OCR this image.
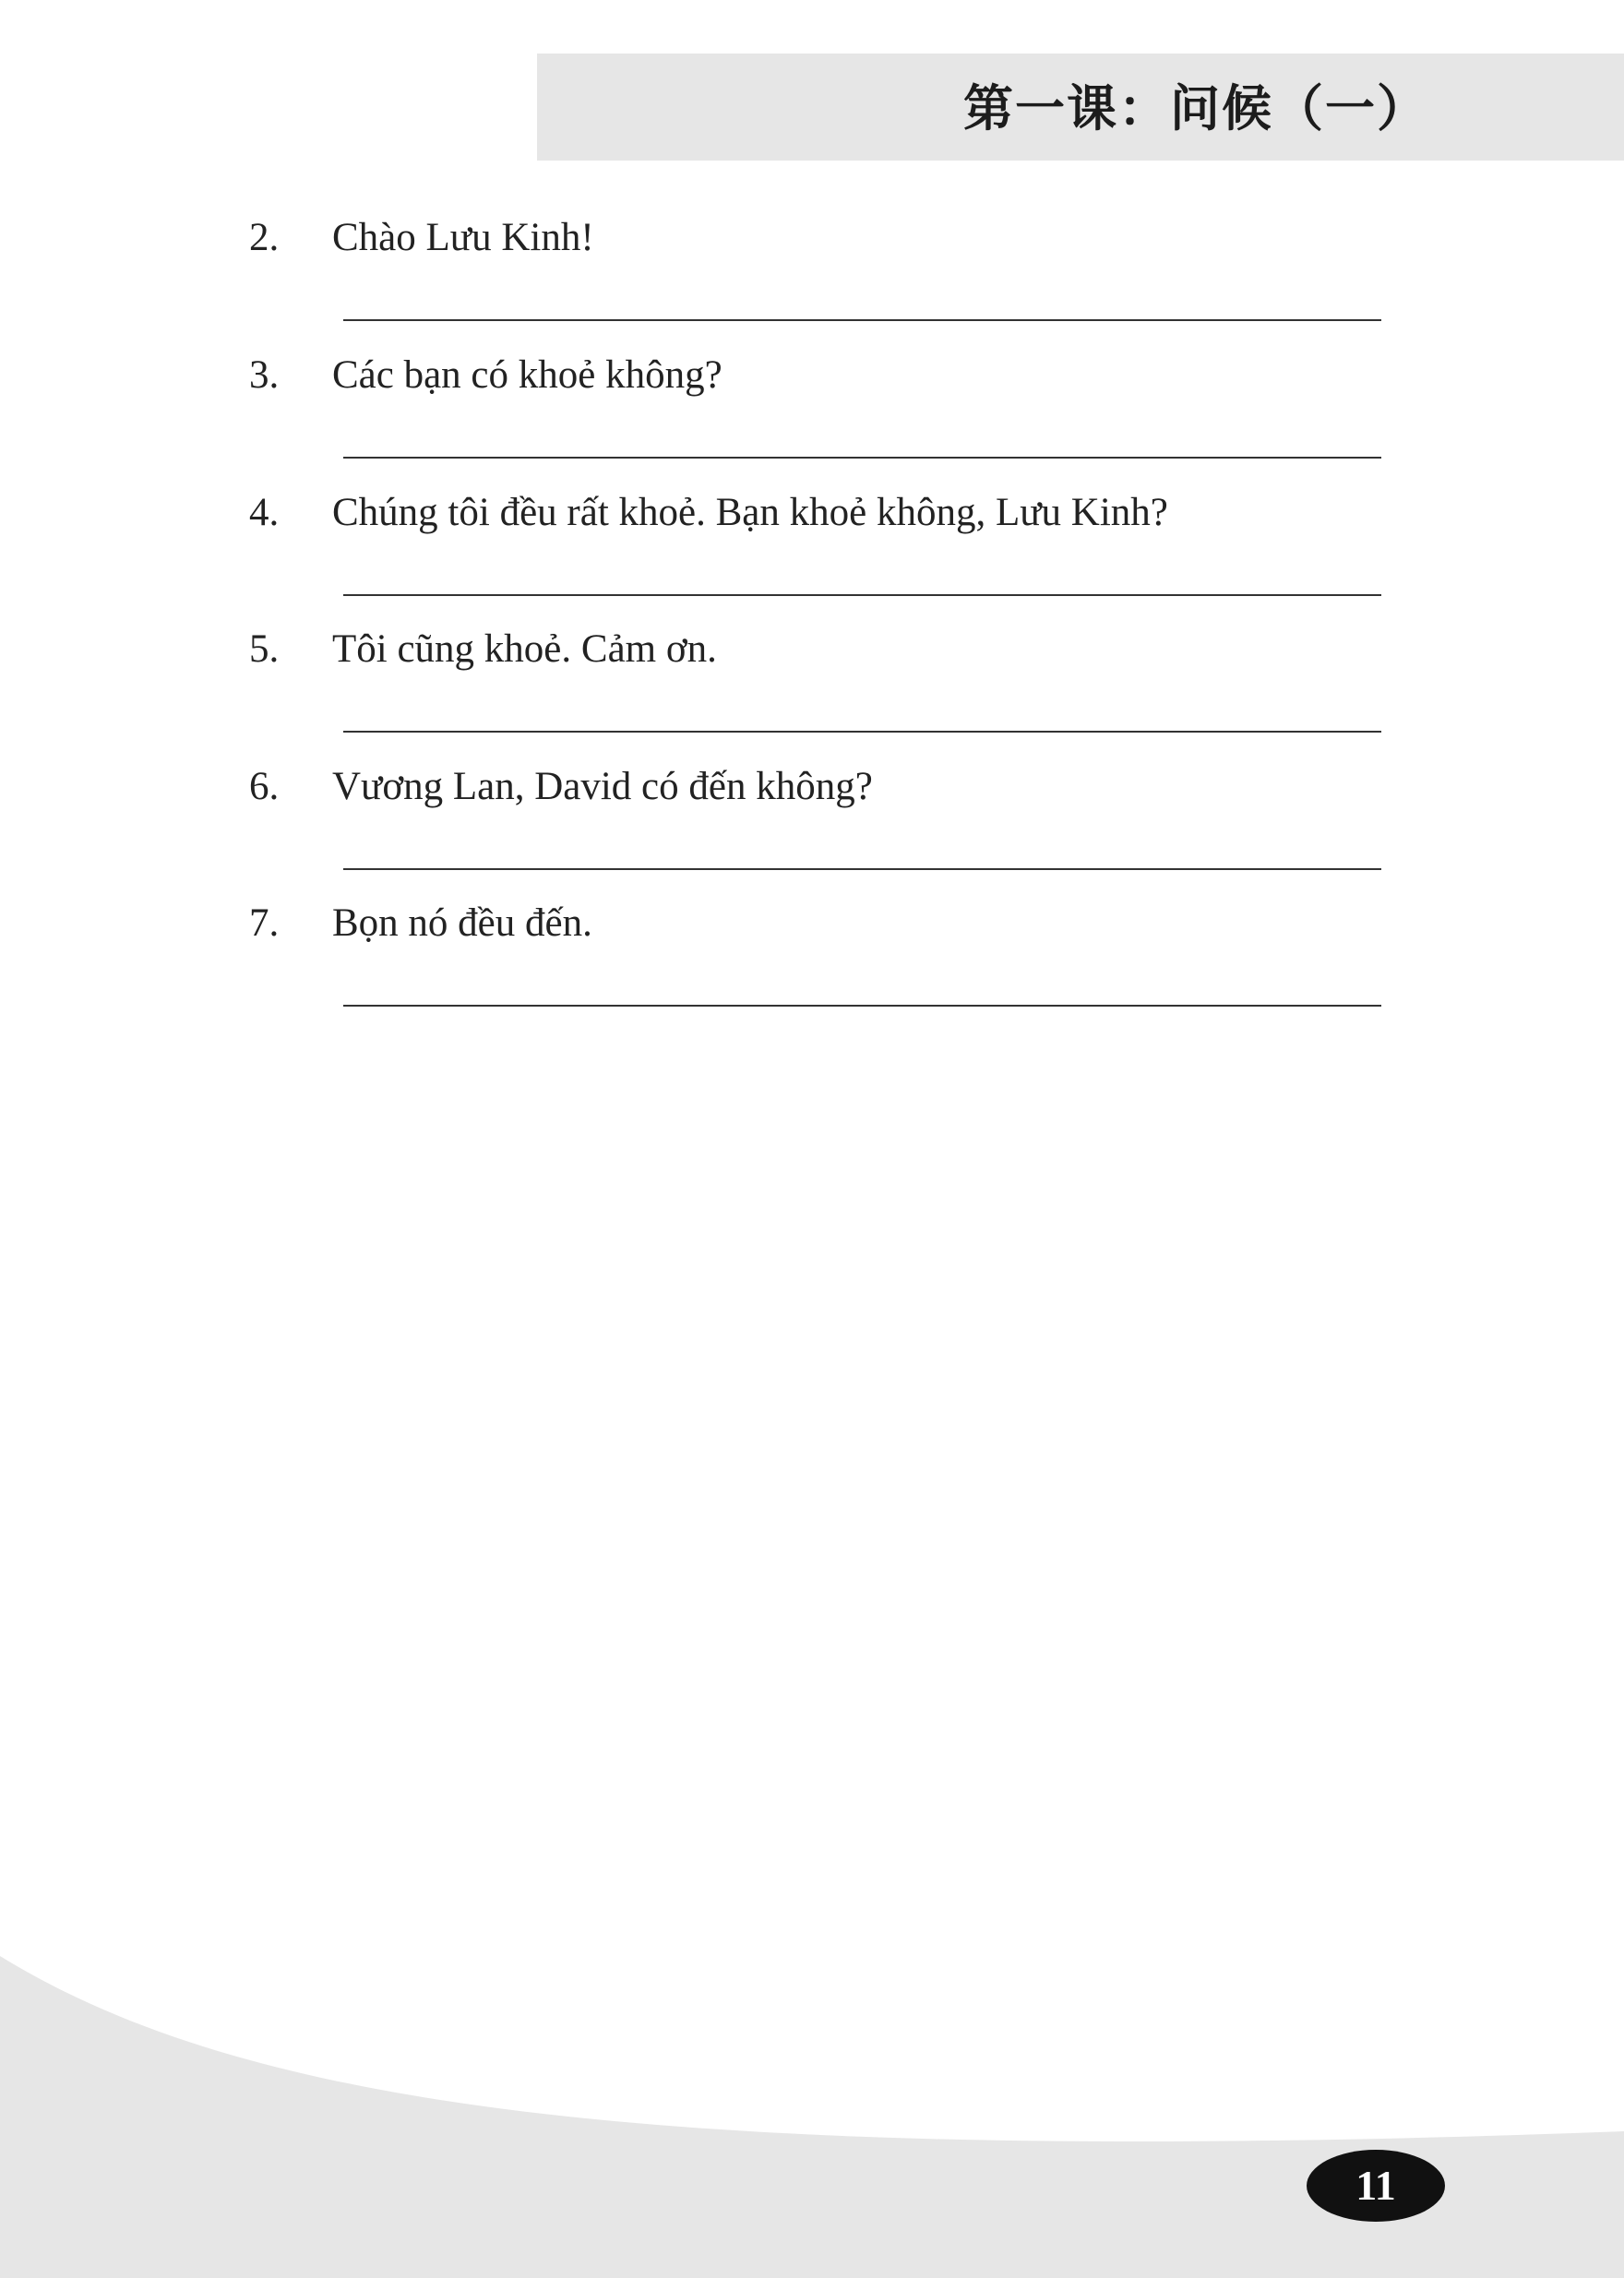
第一课：问候（一）
2. Chào Lưu Kinh!
3. Các bạn có khoẻ không?
4. Chúng tôi đều rất khoẻ. Bạn khoẻ không, Lưu Kinh?
5. Tôi cũng khoẻ. Cảm ơn.
6. Vương Lan, David có đến không?
7. Bọn nó đều đến.
11
